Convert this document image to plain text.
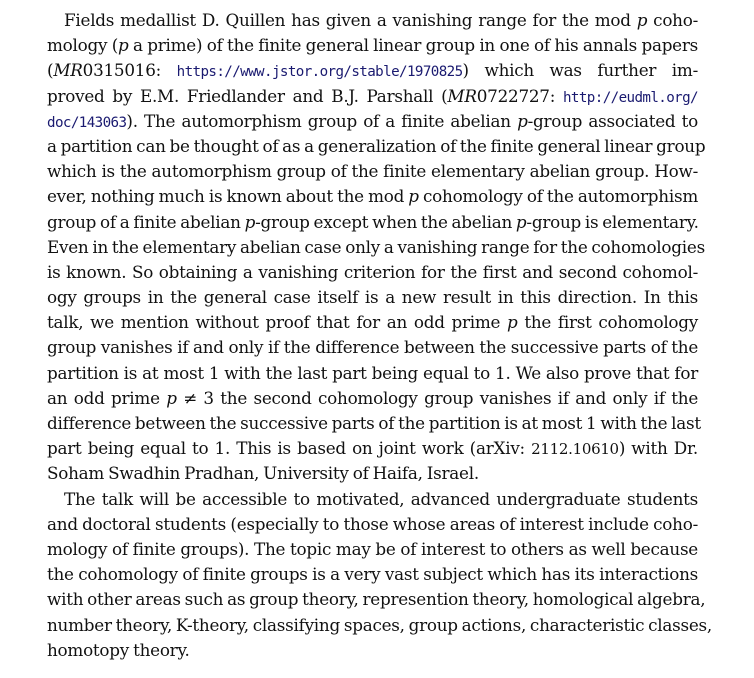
Fields medallist D. Quillen has given a vanishing range for the mod p coho-
mology (p a prime) of the finite general linear group in one of his annals papers
(MR0315016: https://www.jstor.org/stable/1970825) which was further im-
proved by E.M. Friedlander and B.J. Parshall (MR0722727: http://eudml.org/
doc/143063). The automorphism group of a finite abelian p-group associated to
a partition can be thought of as a generalization of the finite general linear group
which is the automorphism group of the finite elementary abelian group. How-
ever, nothing much is known about the mod p cohomology of the automorphism
group of a finite abelian p-group except when the abelian p-group is elementary.
Even in the elementary abelian case only a vanishing range for the cohomologies
is known. So obtaining a vanishing criterion for the first and second cohomol-
ogy groups in the general case itself is a new result in this direction. In this
talk, we mention without proof that for an odd prime p the first cohomology
group vanishes if and only if the difference between the successive parts of the
partition is at most 1 with the last part being equal to 1. We also prove that for
an odd prime p ≠ 3 the second cohomology group vanishes if and only if the
difference between the successive parts of the partition is at most 1 with the last
part being equal to 1. This is based on joint work (arXiv: 2112.10610) with Dr.
Soham Swadhin Pradhan, University of Haifa, Israel.
The talk will be accessible to motivated, advanced undergraduate students
and doctoral students (especially to those whose areas of interest include coho-
mology of finite groups). The topic may be of interest to others as well because
the cohomology of finite groups is a very vast subject which has its interactions
with other areas such as group theory, represention theory, homological algebra,
number theory, K-theory, classifying spaces, group actions, characteristic classes,
homotopy theory.
